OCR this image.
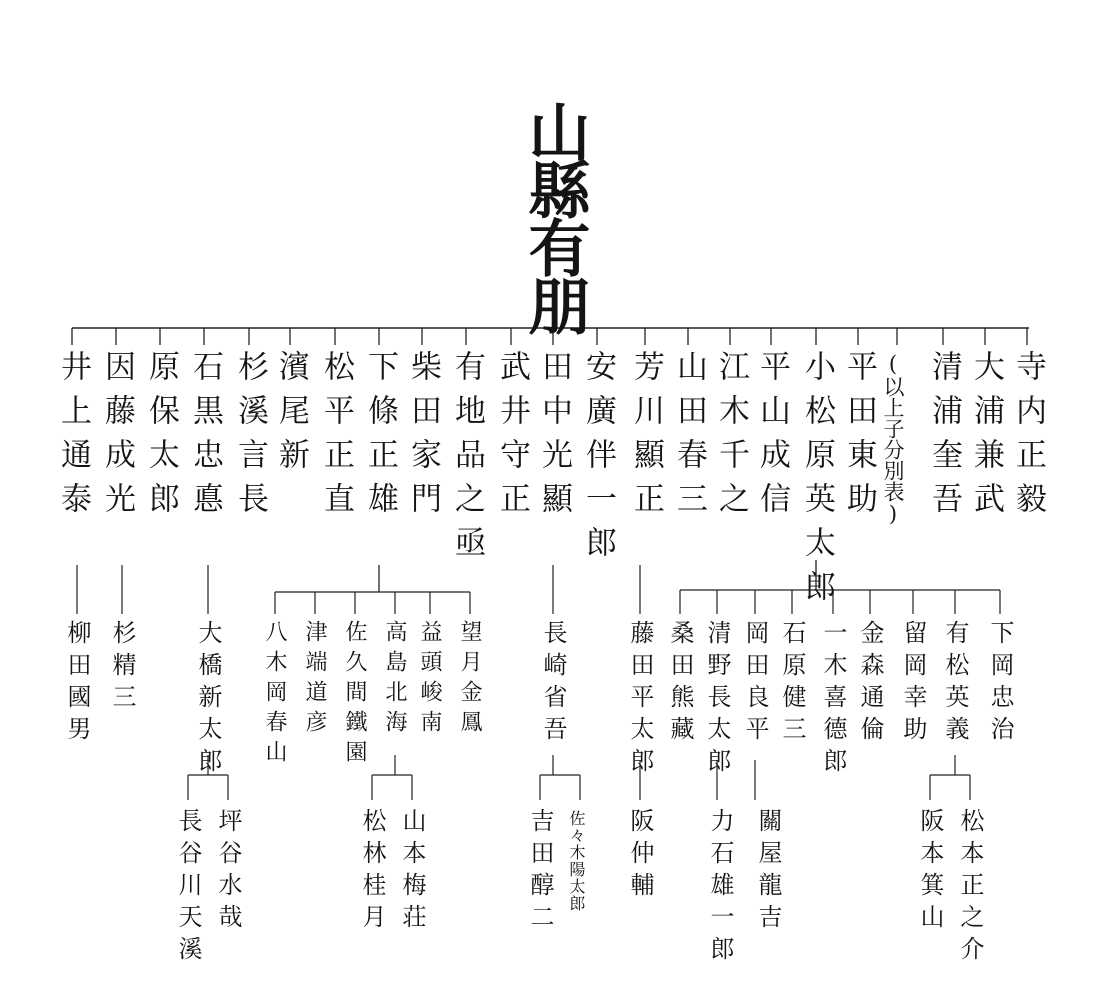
山縣有朋
寺内正毅
大浦兼武
清浦奎吾
(以上子分別表)
平田東助
小松原英太郎
平山成信
江木千之
山田春三
芳川顯正
安廣伴一郎
田中光顯
武井守正
有地品之亟
柴田家門
下條正雄
松平正直
濱尾新
杉溪言長
石黒忠悳
原保太郎
因藤成光
井上通泰
下岡忠治
有松英義
留岡幸助
金森通倫
一木喜德郎
石原健三
岡田良平
清野長太郎
桑田熊藏
藤田平太郎
長崎省吾
望月金鳳
益頭峻南
高島北海
佐久間鐵園
津端道彦
八木岡春山
大橋新太郎
杉精三
柳田國男
松本正之介
阪本箕山
關屋龍吉
力石雄一郎
阪仲輔
佐々木陽太郎
吉田醇二
山本梅荘
松林桂月
坪谷水哉
長谷川天溪
